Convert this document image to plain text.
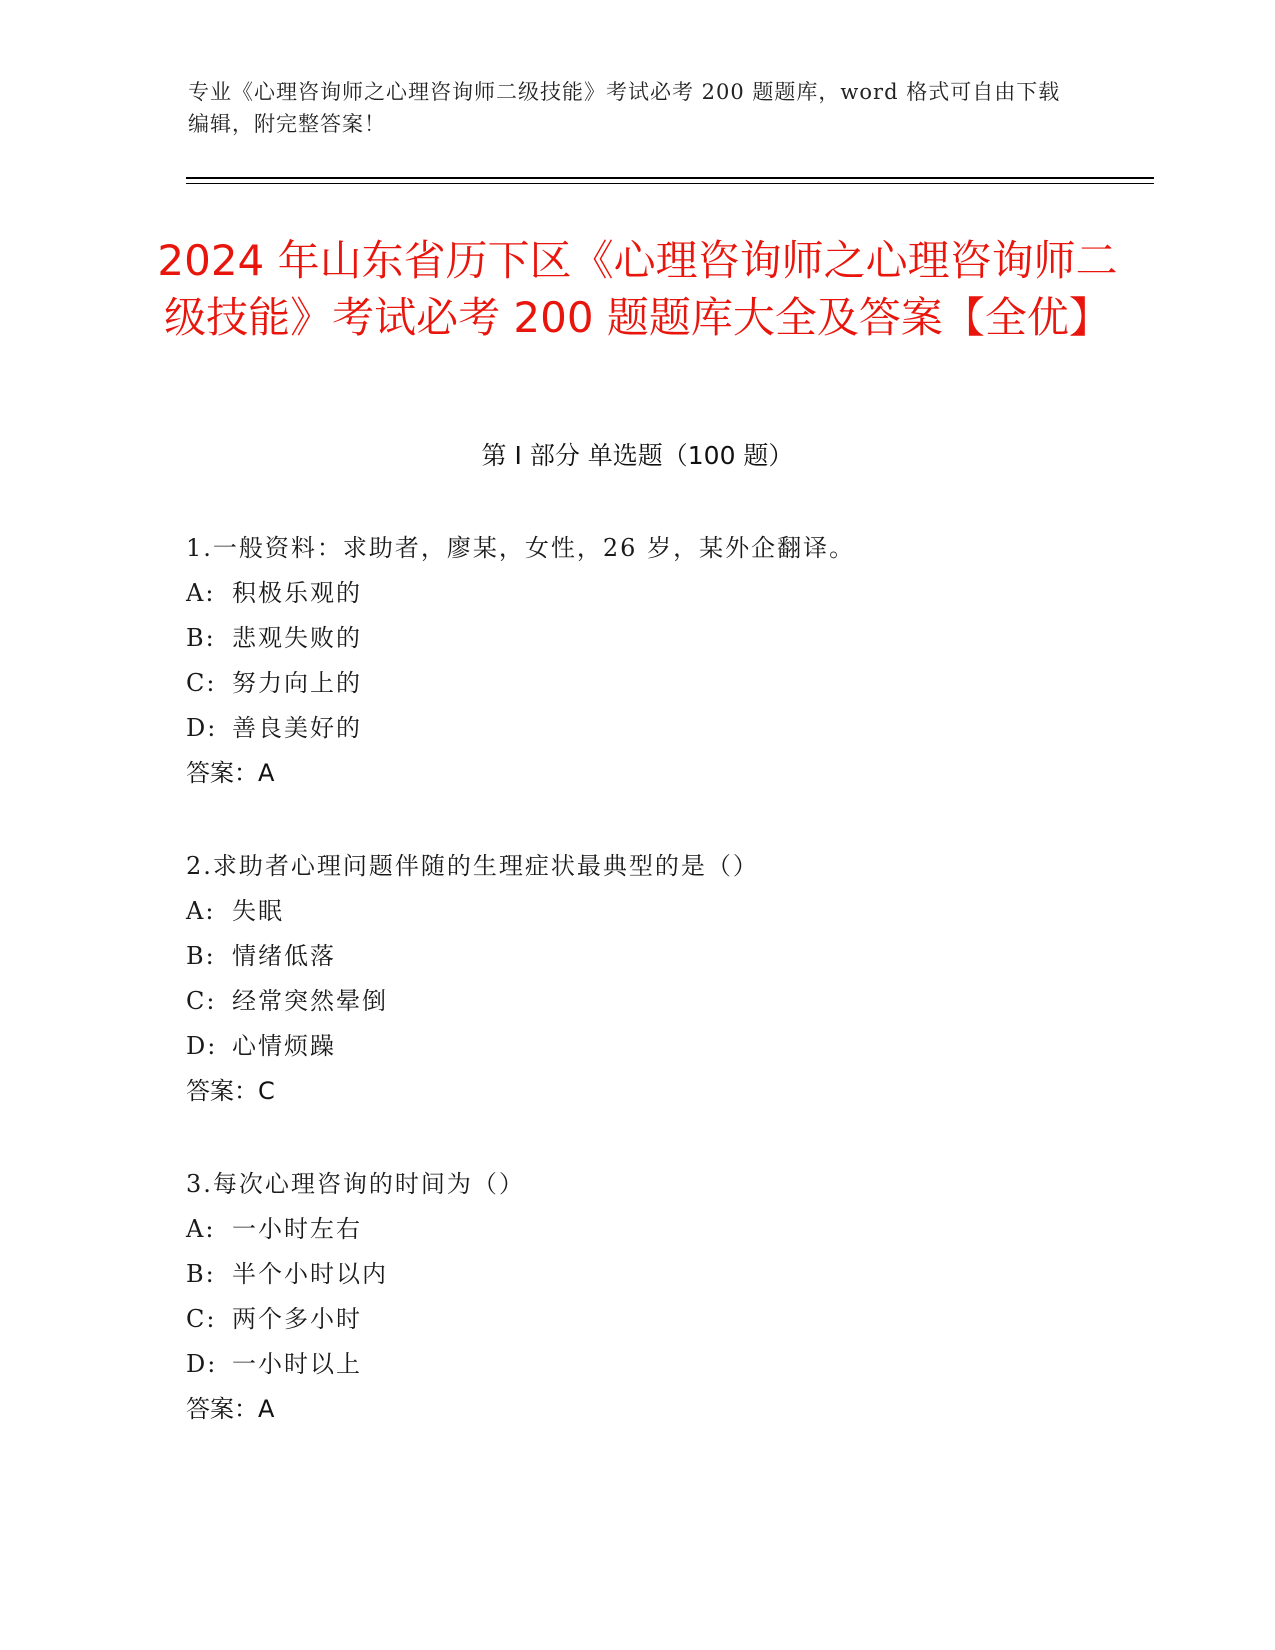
专业《心理咨询师之心理咨询师二级技能》考试必考 200 题题库，word 格式可自由下载编辑，附完整答案！
2024 年山东省历下区《心理咨询师之心理咨询师二级技能》考试必考 200 题题库大全及答案【全优】
第 I 部分 单选题（100 题）
1.一般资料：求助者，廖某，女性，26 岁，某外企翻译。
A: 积极乐观的
B: 悲观失败的
C: 努力向上的
D: 善良美好的
答案：A
2.求助者心理问题伴随的生理症状最典型的是（）
A: 失眠
B: 情绪低落
C: 经常突然晕倒
D: 心情烦躁
答案：C
3.每次心理咨询的时间为（）
A: 一小时左右
B: 半个小时以内
C: 两个多小时
D: 一小时以上
答案：A
